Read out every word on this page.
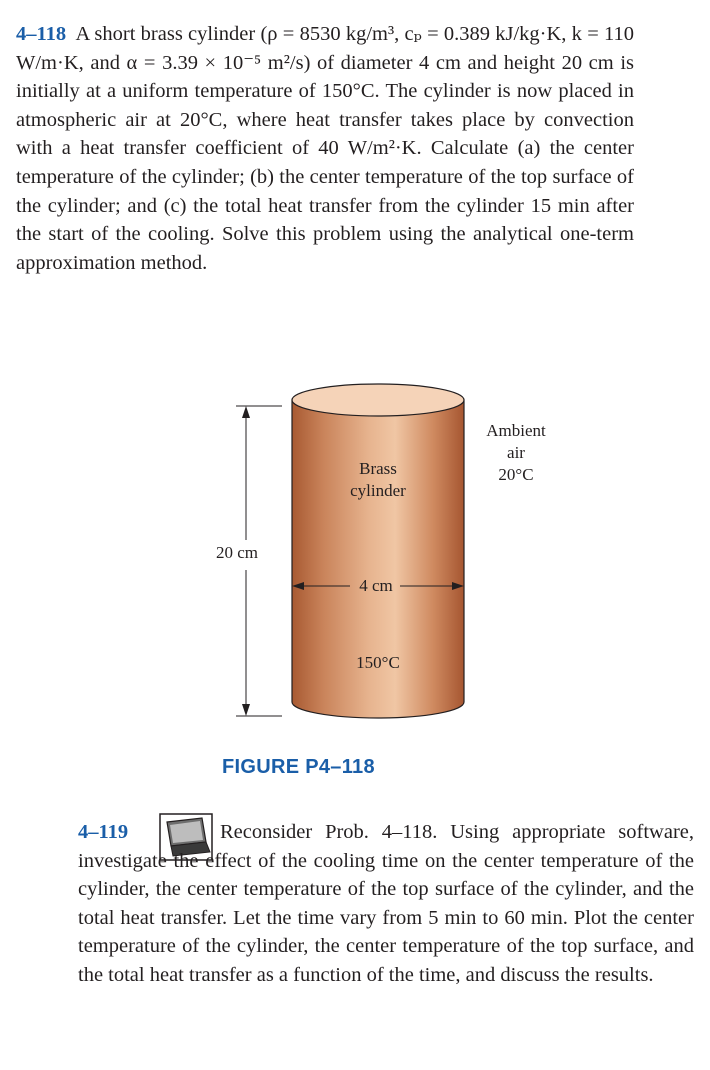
4–118 A short brass cylinder (ρ = 8530 kg/m³, cₚ = 0.389 kJ/kg·K, k = 110 W/m·K, and α = 3.39 × 10⁻⁵ m²/s) of diameter 4 cm and height 20 cm is initially at a uniform temperature of 150°C. The cylinder is now placed in atmospheric air at 20°C, where heat transfer takes place by convection with a heat transfer coefficient of 40 W/m²·K. Calculate (a) the center temperature of the cylinder; (b) the center temperature of the top surface of the cylinder; and (c) the total heat transfer from the cylinder 15 min after the start of the cooling. Solve this problem using the analytical one-term approximation method.
Brass
cylinder
20 cm
4 cm
150°C
Ambient
air
20°C
FIGURE P4–118
4–119	Reconsider Prob. 4–118. Using appropriate software, investigate the effect of the cooling time on the center temperature of the cylinder, the center temperature of the top surface of the cylinder, and the total heat transfer. Let the time vary from 5 min to 60 min. Plot the center temperature of the cylinder, the center temperature of the top surface, and the total heat transfer as a function of the time, and discuss the results.
